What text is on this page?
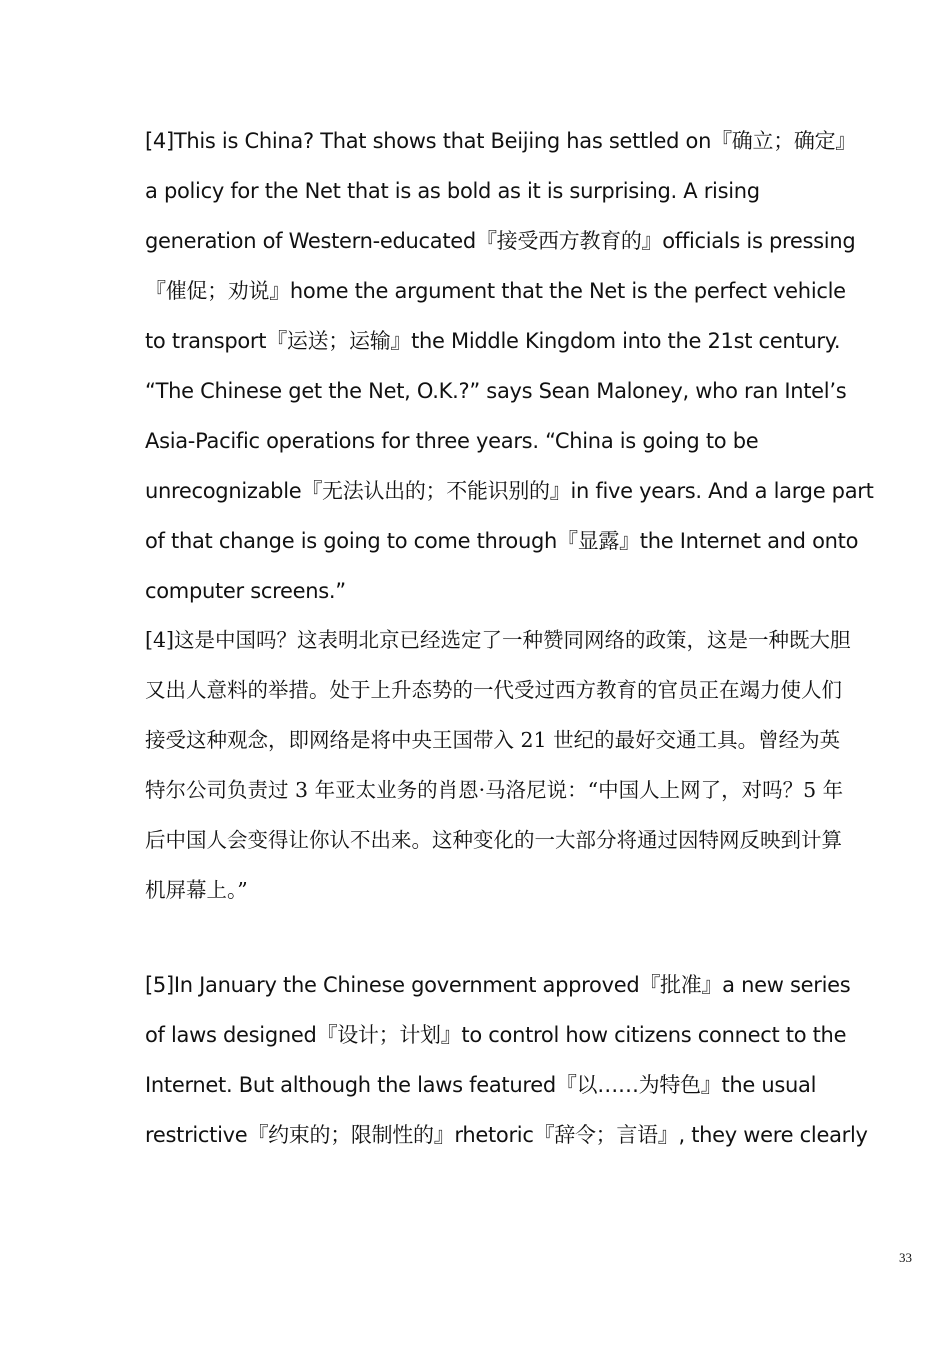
[4]This is China? That shows that Beijing has settled on『确立；确定』
a policy for the Net that is as bold as it is surprising. A rising
generation of Western-educated『接受西方教育的』officials is pressing
『催促；劝说』home the argument that the Net is the perfect vehicle
to transport『运送；运输』the Middle Kingdom into the 21st century.
“The Chinese get the Net, O.K.?” says Sean Maloney, who ran Intel’s
Asia-Pacific operations for three years. “China is going to be
unrecognizable『无法认出的；不能识别的』in five years. And a large part
of that change is going to come through『显露』the Internet and onto
computer screens.”

[4]这是中国吗？这表明北京已经选定了一种赞同网络的政策，这是一种既大胆
又出人意料的举措。处于上升态势的一代受过西方教育的官员正在竭力使人们
接受这种观念，即网络是将中央王国带入 21 世纪的最好交通工具。曾经为英
特尔公司负责过 3 年亚太业务的肖恩·马洛尼说：“中国人上网了，对吗？5 年
后中国人会变得让你认不出来。这种变化的一大部分将通过因特网反映到计算
机屏幕上。”

[5]In January the Chinese government approved『批准』a new series
of laws designed『设计；计划』to control how citizens connect to the
Internet. But although the laws featured『以……为特色』the usual
restrictive『约束的；限制性的』rhetoric『辞令；言语』, they were clearly

33
